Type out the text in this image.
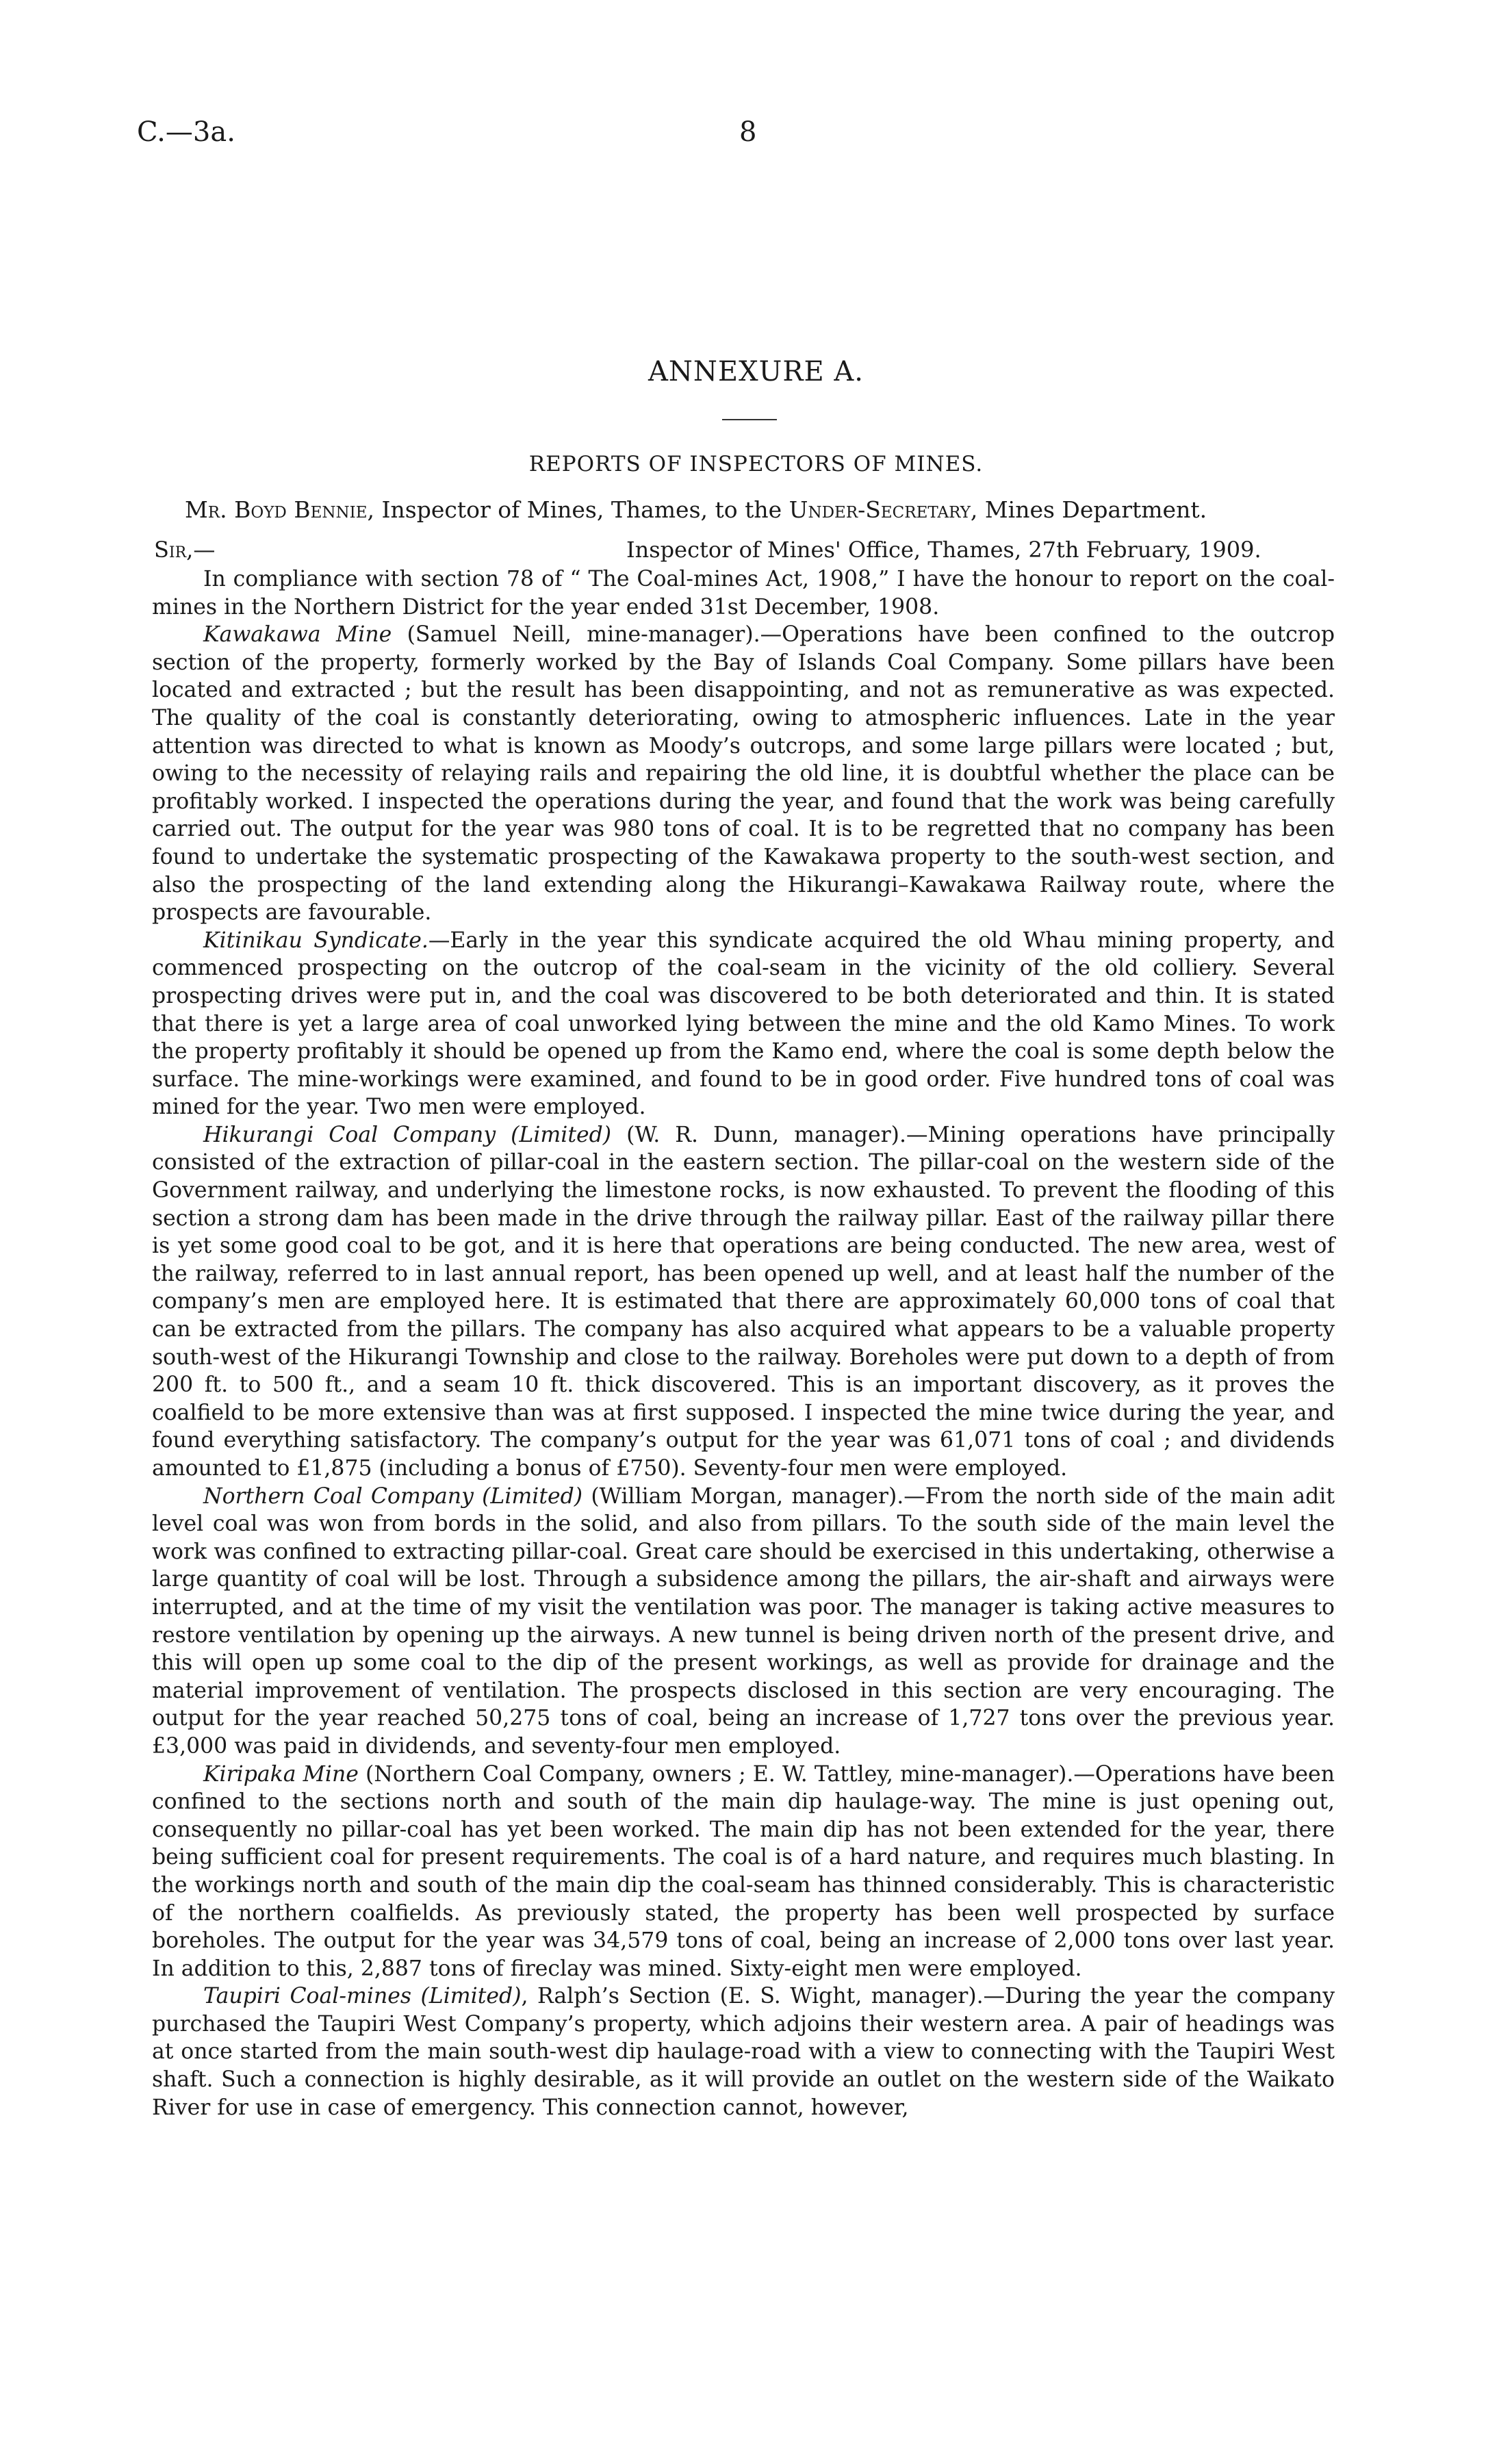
C.—3a.	8
ANNEXURE A.
REPORTS OF INSPECTORS OF MINES.
Mr. Boyd Bennie, Inspector of Mines, Thames, to the Under-Secretary, Mines Department.
Sir,—	Inspector of Mines' Office, Thames, 27th February, 1909.

In compliance with section 78 of “ The Coal-mines Act, 1908,” I have the honour to report on the coal-mines in the Northern District for the year ended 31st December, 1908.

Kawakawa Mine (Samuel Neill, mine-manager).—Operations have been confined to the outcrop section of the property, formerly worked by the Bay of Islands Coal Company. Some pillars have been located and extracted ; but the result has been disappointing, and not as remunerative as was expected. The quality of the coal is constantly deteriorating, owing to atmospheric influences. Late in the year attention was directed to what is known as Moody’s outcrops, and some large pillars were located ; but, owing to the necessity of relaying rails and repairing the old line, it is doubtful whether the place can be profitably worked. I inspected the operations during the year, and found that the work was being carefully carried out. The output for the year was 980 tons of coal. It is to be regretted that no company has been found to undertake the systematic prospecting of the Kawakawa property to the south-west section, and also the prospecting of the land extending along the Hikurangi–Kawakawa Railway route, where the prospects are favourable.

Kitinikau Syndicate.—Early in the year this syndicate acquired the old Whau mining property, and commenced prospecting on the outcrop of the coal-seam in the vicinity of the old colliery. Several prospecting drives were put in, and the coal was discovered to be both deteriorated and thin. It is stated that there is yet a large area of coal unworked lying between the mine and the old Kamo Mines. To work the property profitably it should be opened up from the Kamo end, where the coal is some depth below the surface. The mine-workings were examined, and found to be in good order. Five hundred tons of coal was mined for the year. Two men were employed.

Hikurangi Coal Company (Limited) (W. R. Dunn, manager).—Mining operations have principally consisted of the extraction of pillar-coal in the eastern section. The pillar-coal on the western side of the Government railway, and underlying the limestone rocks, is now exhausted. To prevent the flooding of this section a strong dam has been made in the drive through the railway pillar. East of the railway pillar there is yet some good coal to be got, and it is here that operations are being conducted. The new area, west of the railway, referred to in last annual report, has been opened up well, and at least half the number of the company’s men are employed here. It is estimated that there are approximately 60,000 tons of coal that can be extracted from the pillars. The company has also acquired what appears to be a valuable property south-west of the Hikurangi Township and close to the railway. Boreholes were put down to a depth of from 200 ft. to 500 ft., and a seam 10 ft. thick discovered. This is an important discovery, as it proves the coalfield to be more extensive than was at first supposed. I inspected the mine twice during the year, and found everything satisfactory. The company’s output for the year was 61,071 tons of coal ; and dividends amounted to £1,875 (including a bonus of £750). Seventy-four men were employed.

Northern Coal Company (Limited) (William Morgan, manager).—From the north side of the main adit level coal was won from bords in the solid, and also from pillars. To the south side of the main level the work was confined to extracting pillar-coal. Great care should be exercised in this undertaking, otherwise a large quantity of coal will be lost. Through a subsidence among the pillars, the air-shaft and airways were interrupted, and at the time of my visit the ventilation was poor. The manager is taking active measures to restore ventilation by opening up the airways. A new tunnel is being driven north of the present drive, and this will open up some coal to the dip of the present workings, as well as provide for drainage and the material improvement of ventilation. The prospects disclosed in this section are very encouraging. The output for the year reached 50,275 tons of coal, being an increase of 1,727 tons over the previous year. £3,000 was paid in dividends, and seventy-four men employed.

Kiripaka Mine (Northern Coal Company, owners ; E. W. Tattley, mine-manager).—Operations have been confined to the sections north and south of the main dip haulage-way. The mine is just opening out, consequently no pillar-coal has yet been worked. The main dip has not been extended for the year, there being sufficient coal for present requirements. The coal is of a hard nature, and requires much blasting. In the workings north and south of the main dip the coal-seam has thinned considerably. This is characteristic of the northern coalfields. As previously stated, the property has been well prospected by surface boreholes. The output for the year was 34,579 tons of coal, being an increase of 2,000 tons over last year. In addition to this, 2,887 tons of fireclay was mined. Sixty-eight men were employed.

Taupiri Coal-mines (Limited), Ralph’s Section (E. S. Wight, manager).—During the year the company purchased the Taupiri West Company’s property, which adjoins their western area. A pair of headings was at once started from the main south-west dip haulage-road with a view to connecting with the Taupiri West shaft. Such a connection is highly desirable, as it will provide an outlet on the western side of the Waikato River for use in case of emergency. This connection cannot, however,
